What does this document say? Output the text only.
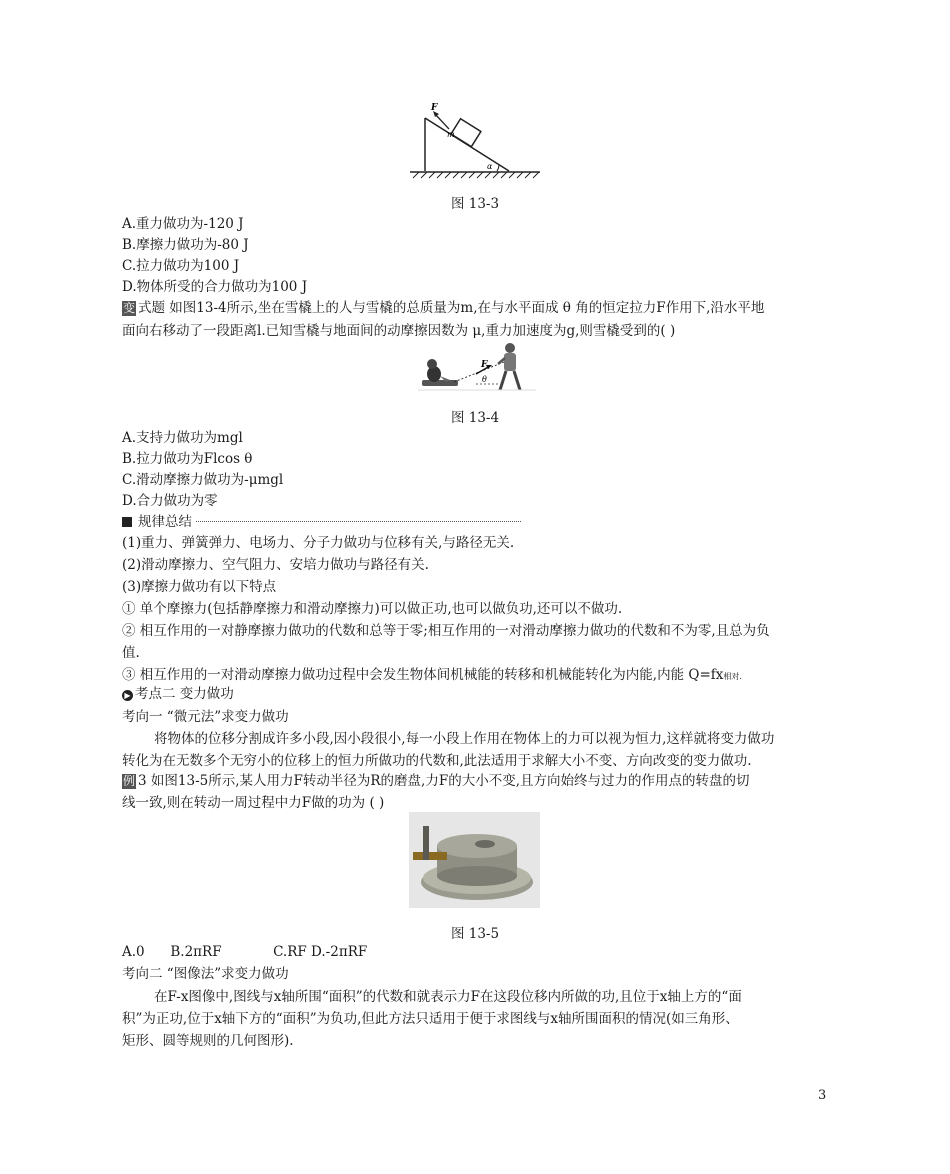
F
m
α
图 13-3
A.重力做功为-120 J
B.摩擦力做功为-80 J
C.拉力做功为100 J
D.物体所受的合力做功为100 J
变 式题 如图13-4所示,坐在雪橇上的人与雪橇的总质量为m,在与水平面成 θ 角的恒定拉力F作用下,沿水平地
面向右移动了一段距离l.已知雪橇与地面间的动摩擦因数为 μ,重力加速度为g,则雪橇受到的( )
F
θ
图 13-4
A.支持力做功为mgl
B.拉力做功为Flcos θ
C.滑动摩擦力做功为-μmgl
D.合力做功为零
规律总结
(1)重力、弹簧弹力、电场力、分子力做功与位移有关,与路径无关.
(2)滑动摩擦力、空气阻力、安培力做功与路径有关.
(3)摩擦力做功有以下特点
① 单个摩擦力(包括静摩擦力和滑动摩擦力)可以做正功,也可以做负功,还可以不做功.
② 相互作用的一对静摩擦力做功的代数和总等于零;相互作用的一对滑动摩擦力做功的代数和不为零,且总为负
值.
③ 相互作用的一对滑动摩擦力做功过程中会发生物体间机械能的转移和机械能转化为内能,内能 Q=fx相对.
▶ 考点二 变力做功
考向一 “微元法”求变力做功
将物体的位移分割成许多小段,因小段很小,每一小段上作用在物体上的力可以视为恒力,这样就将变力做功
转化为在无数多个无穷小的位移上的恒力所做功的代数和,此法适用于求解大小不变、方向改变的变力做功.
例 3 如图13-5所示,某人用力F转动半径为R的磨盘,力F的大小不变,且方向始终与过力的作用点的转盘的切
线一致,则在转动一周过程中力F做的功为 ( )
图 13-5
A.0      B.2πRF            C.RF D.-2πRF
考向二 “图像法”求变力做功
在F-x图像中,图线与x轴所围“面积”的代数和就表示力F在这段位移内所做的功,且位于x轴上方的“面
积”为正功,位于x轴下方的“面积”为负功,但此方法只适用于便于求图线与x轴所围面积的情况(如三角形、
矩形、圆等规则的几何图形).
3
